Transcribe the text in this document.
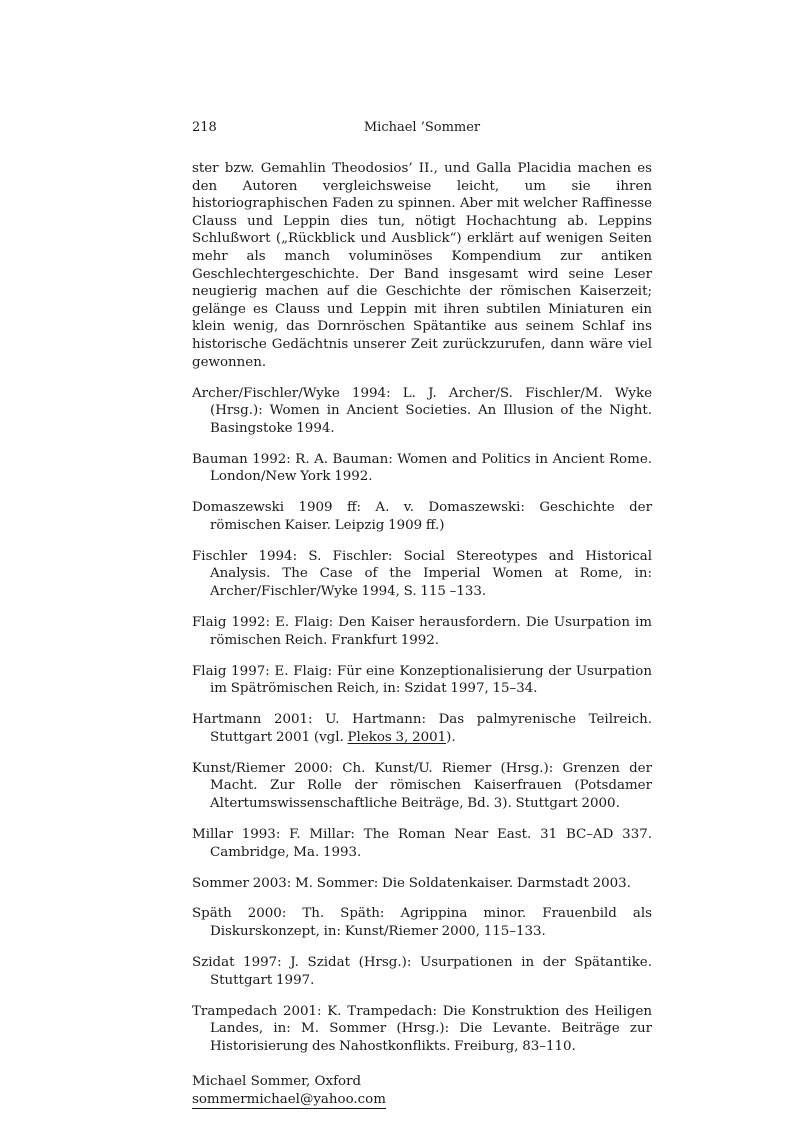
218	Michael ’Sommer

ster bzw. Gemahlin Theodosios’ II., und Galla Placidia machen es den Autoren vergleichsweise leicht, um sie ihren historiographischen Faden zu spinnen. Aber mit welcher Raffinesse Clauss und Leppin dies tun, nötigt Hochachtung ab. Leppins Schlußwort („Rückblick und Ausblick“) erklärt auf wenigen Seiten mehr als manch voluminöses Kompendium zur antiken Geschlechtergeschichte. Der Band insgesamt wird seine Leser neugierig machen auf die Geschichte der römischen Kaiserzeit; gelänge es Clauss und Leppin mit ihren subtilen Miniaturen ein klein wenig, das Dornröschen Spätantike aus seinem Schlaf ins historische Gedächtnis unserer Zeit zurückzurufen, dann wäre viel gewonnen.

Archer/Fischler/Wyke 1994: L. J. Archer/S. Fischler/M. Wyke (Hrsg.): Women in Ancient Societies. An Illusion of the Night. Basingstoke 1994.

Bauman 1992: R. A. Bauman: Women and Politics in Ancient Rome. London/New York 1992.

Domaszewski 1909 ff: A. v. Domaszewski: Geschichte der römischen Kaiser. Leipzig 1909 ff.)

Fischler 1994: S. Fischler: Social Stereotypes and Historical Analysis. The Case of the Imperial Women at Rome, in: Archer/Fischler/Wyke 1994, S. 115 –133.

Flaig 1992: E. Flaig: Den Kaiser herausfordern. Die Usurpation im römischen Reich. Frankfurt 1992.

Flaig 1997: E. Flaig: Für eine Konzeptionalisierung der Usurpation im Spätrömischen Reich, in: Szidat 1997, 15–34.

Hartmann 2001: U. Hartmann: Das palmyrenische Teilreich. Stuttgart 2001 (vgl. Plekos 3, 2001).

Kunst/Riemer 2000: Ch. Kunst/U. Riemer (Hrsg.): Grenzen der Macht. Zur Rolle der römischen Kaiserfrauen (Potsdamer Altertumswissenschaftliche Beiträge, Bd. 3). Stuttgart 2000.

Millar 1993: F. Millar: The Roman Near East. 31 BC–AD 337. Cambridge, Ma. 1993.

Sommer 2003: M. Sommer: Die Soldatenkaiser. Darmstadt 2003.

Späth 2000: Th. Späth: Agrippina minor. Frauenbild als Diskurskonzept, in: Kunst/Riemer 2000, 115–133.

Szidat 1997: J. Szidat (Hrsg.): Usurpationen in der Spätantike. Stuttgart 1997.

Trampedach 2001: K. Trampedach: Die Konstruktion des Heiligen Landes, in: M. Sommer (Hrsg.): Die Levante. Beiträge zur Historisierung des Nahostkonflikts. Freiburg, 83–110.

Michael Sommer, Oxford
sommermichael@yahoo.com
